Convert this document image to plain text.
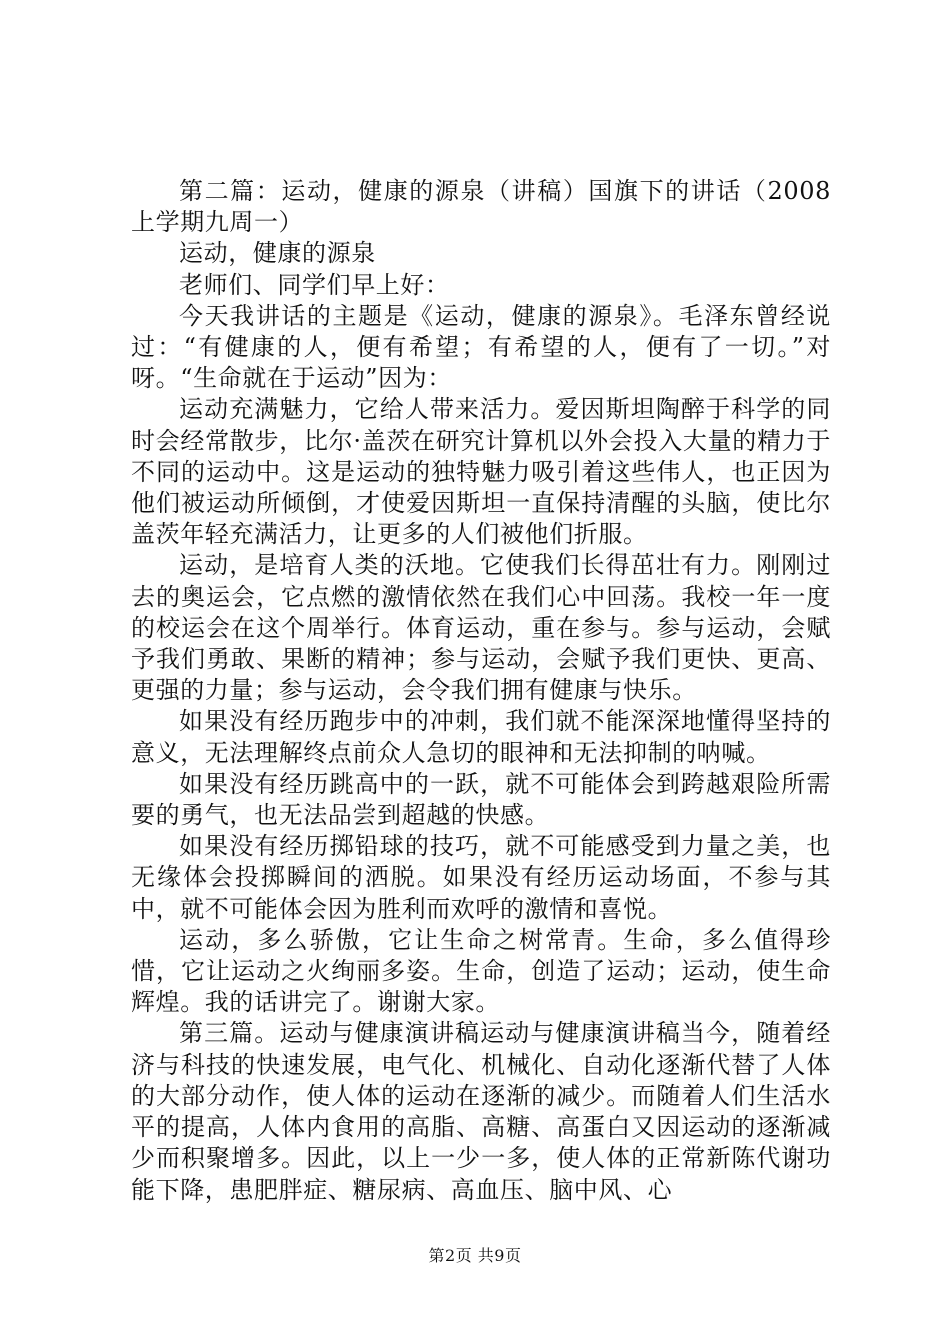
第二篇：运动，健康的源泉（讲稿）国旗下的讲话（2008上学期九周一）

运动，健康的源泉

老师们、同学们早上好：

今天我讲话的主题是《运动，健康的源泉》。毛泽东曾经说过：“有健康的人，便有希望；有希望的人，便有了一切。”对呀。“生命就在于运动”因为：

运动充满魅力，它给人带来活力。爱因斯坦陶醉于科学的同时会经常散步，比尔·盖茨在研究计算机以外会投入大量的精力于不同的运动中。这是运动的独特魅力吸引着这些伟人，也正因为他们被运动所倾倒，才使爱因斯坦一直保持清醒的头脑，使比尔盖茨年轻充满活力，让更多的人们被他们折服。

运动，是培育人类的沃地。它使我们长得茁壮有力。刚刚过去的奥运会，它点燃的激情依然在我们心中回荡。我校一年一度的校运会在这个周举行。体育运动，重在参与。参与运动，会赋予我们勇敢、果断的精神；参与运动，会赋予我们更快、更高、更强的力量；参与运动，会令我们拥有健康与快乐。

如果没有经历跑步中的冲刺，我们就不能深深地懂得坚持的意义，无法理解终点前众人急切的眼神和无法抑制的呐喊。

如果没有经历跳高中的一跃，就不可能体会到跨越艰险所需要的勇气，也无法品尝到超越的快感。

如果没有经历掷铅球的技巧，就不可能感受到力量之美，也无缘体会投掷瞬间的洒脱。如果没有经历运动场面，不参与其中，就不可能体会因为胜利而欢呼的激情和喜悦。

运动，多么骄傲，它让生命之树常青。生命，多么值得珍惜，它让运动之火绚丽多姿。生命，创造了运动；运动，使生命辉煌。我的话讲完了。谢谢大家。

第三篇。运动与健康演讲稿运动与健康演讲稿当今，随着经济与科技的快速发展，电气化、机械化、自动化逐渐代替了人体的大部分动作，使人体的运动在逐渐的减少。而随着人们生活水平的提高，人体内食用的高脂、高糖、高蛋白又因运动的逐渐减少而积聚增多。因此，以上一少一多，使人体的正常新陈代谢功能下降，患肥胖症、糖尿病、高血压、脑中风、心

第2页 共9页
